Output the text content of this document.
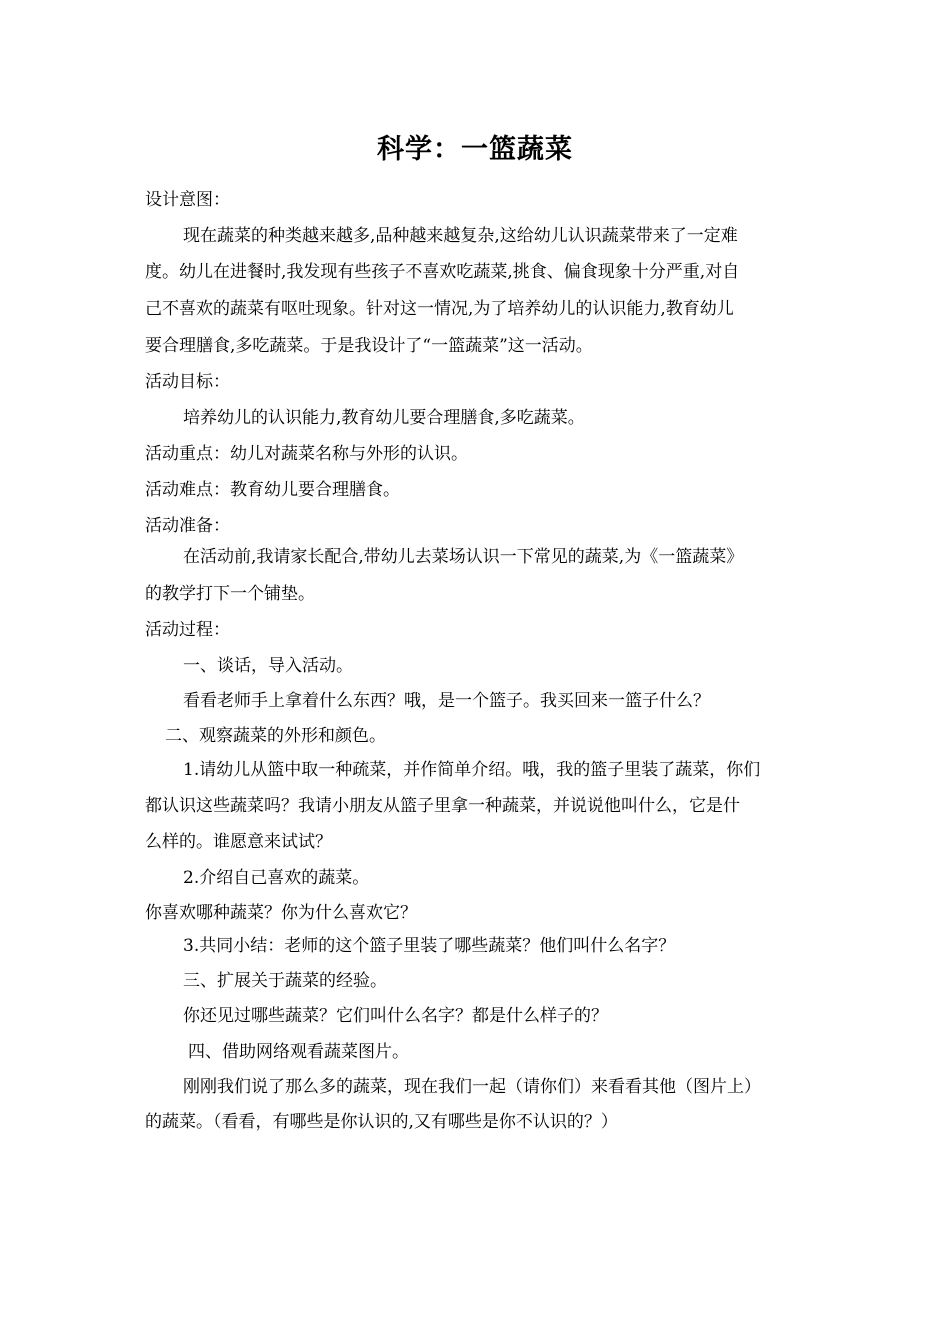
科学：一篮蔬菜
设计意图：
现在蔬菜的种类越来越多,品种越来越复杂,这给幼儿认识蔬菜带来了一定难
度。幼儿在进餐时,我发现有些孩子不喜欢吃蔬菜,挑食、偏食现象十分严重,对自
己不喜欢的蔬菜有呕吐现象。针对这一情况,为了培养幼儿的认识能力,教育幼儿
要合理膳食,多吃蔬菜。于是我设计了“一篮蔬菜”这一活动。
活动目标：
培养幼儿的认识能力,教育幼儿要合理膳食,多吃蔬菜。
活动重点：幼儿对蔬菜名称与外形的认识。
活动难点：教育幼儿要合理膳食。
活动准备：
在活动前,我请家长配合,带幼儿去菜场认识一下常见的蔬菜,为《一篮蔬菜》
的教学打下一个铺垫。
活动过程：
一、谈话，导入活动。
看看老师手上拿着什么东西？哦，是一个篮子。我买回来一篮子什么？
二、观察蔬菜的外形和颜色。
1.请幼儿从篮中取一种疏菜，并作简单介绍。哦，我的篮子里装了蔬菜，你们
都认识这些蔬菜吗？我请小朋友从篮子里拿一种蔬菜，并说说他叫什么，它是什
么样的。谁愿意来试试？
2.介绍自己喜欢的蔬菜。
你喜欢哪种蔬菜？你为什么喜欢它？
3.共同小结：老师的这个篮子里装了哪些蔬菜？他们叫什么名字？
三、扩展关于蔬菜的经验。
你还见过哪些蔬菜？它们叫什么名字？都是什么样子的？
四、借助网络观看蔬菜图片。
刚刚我们说了那么多的蔬菜，现在我们一起（请你们）来看看其他（图片上）
的蔬菜。（看看，有哪些是你认识的,又有哪些是你不认识的？）
